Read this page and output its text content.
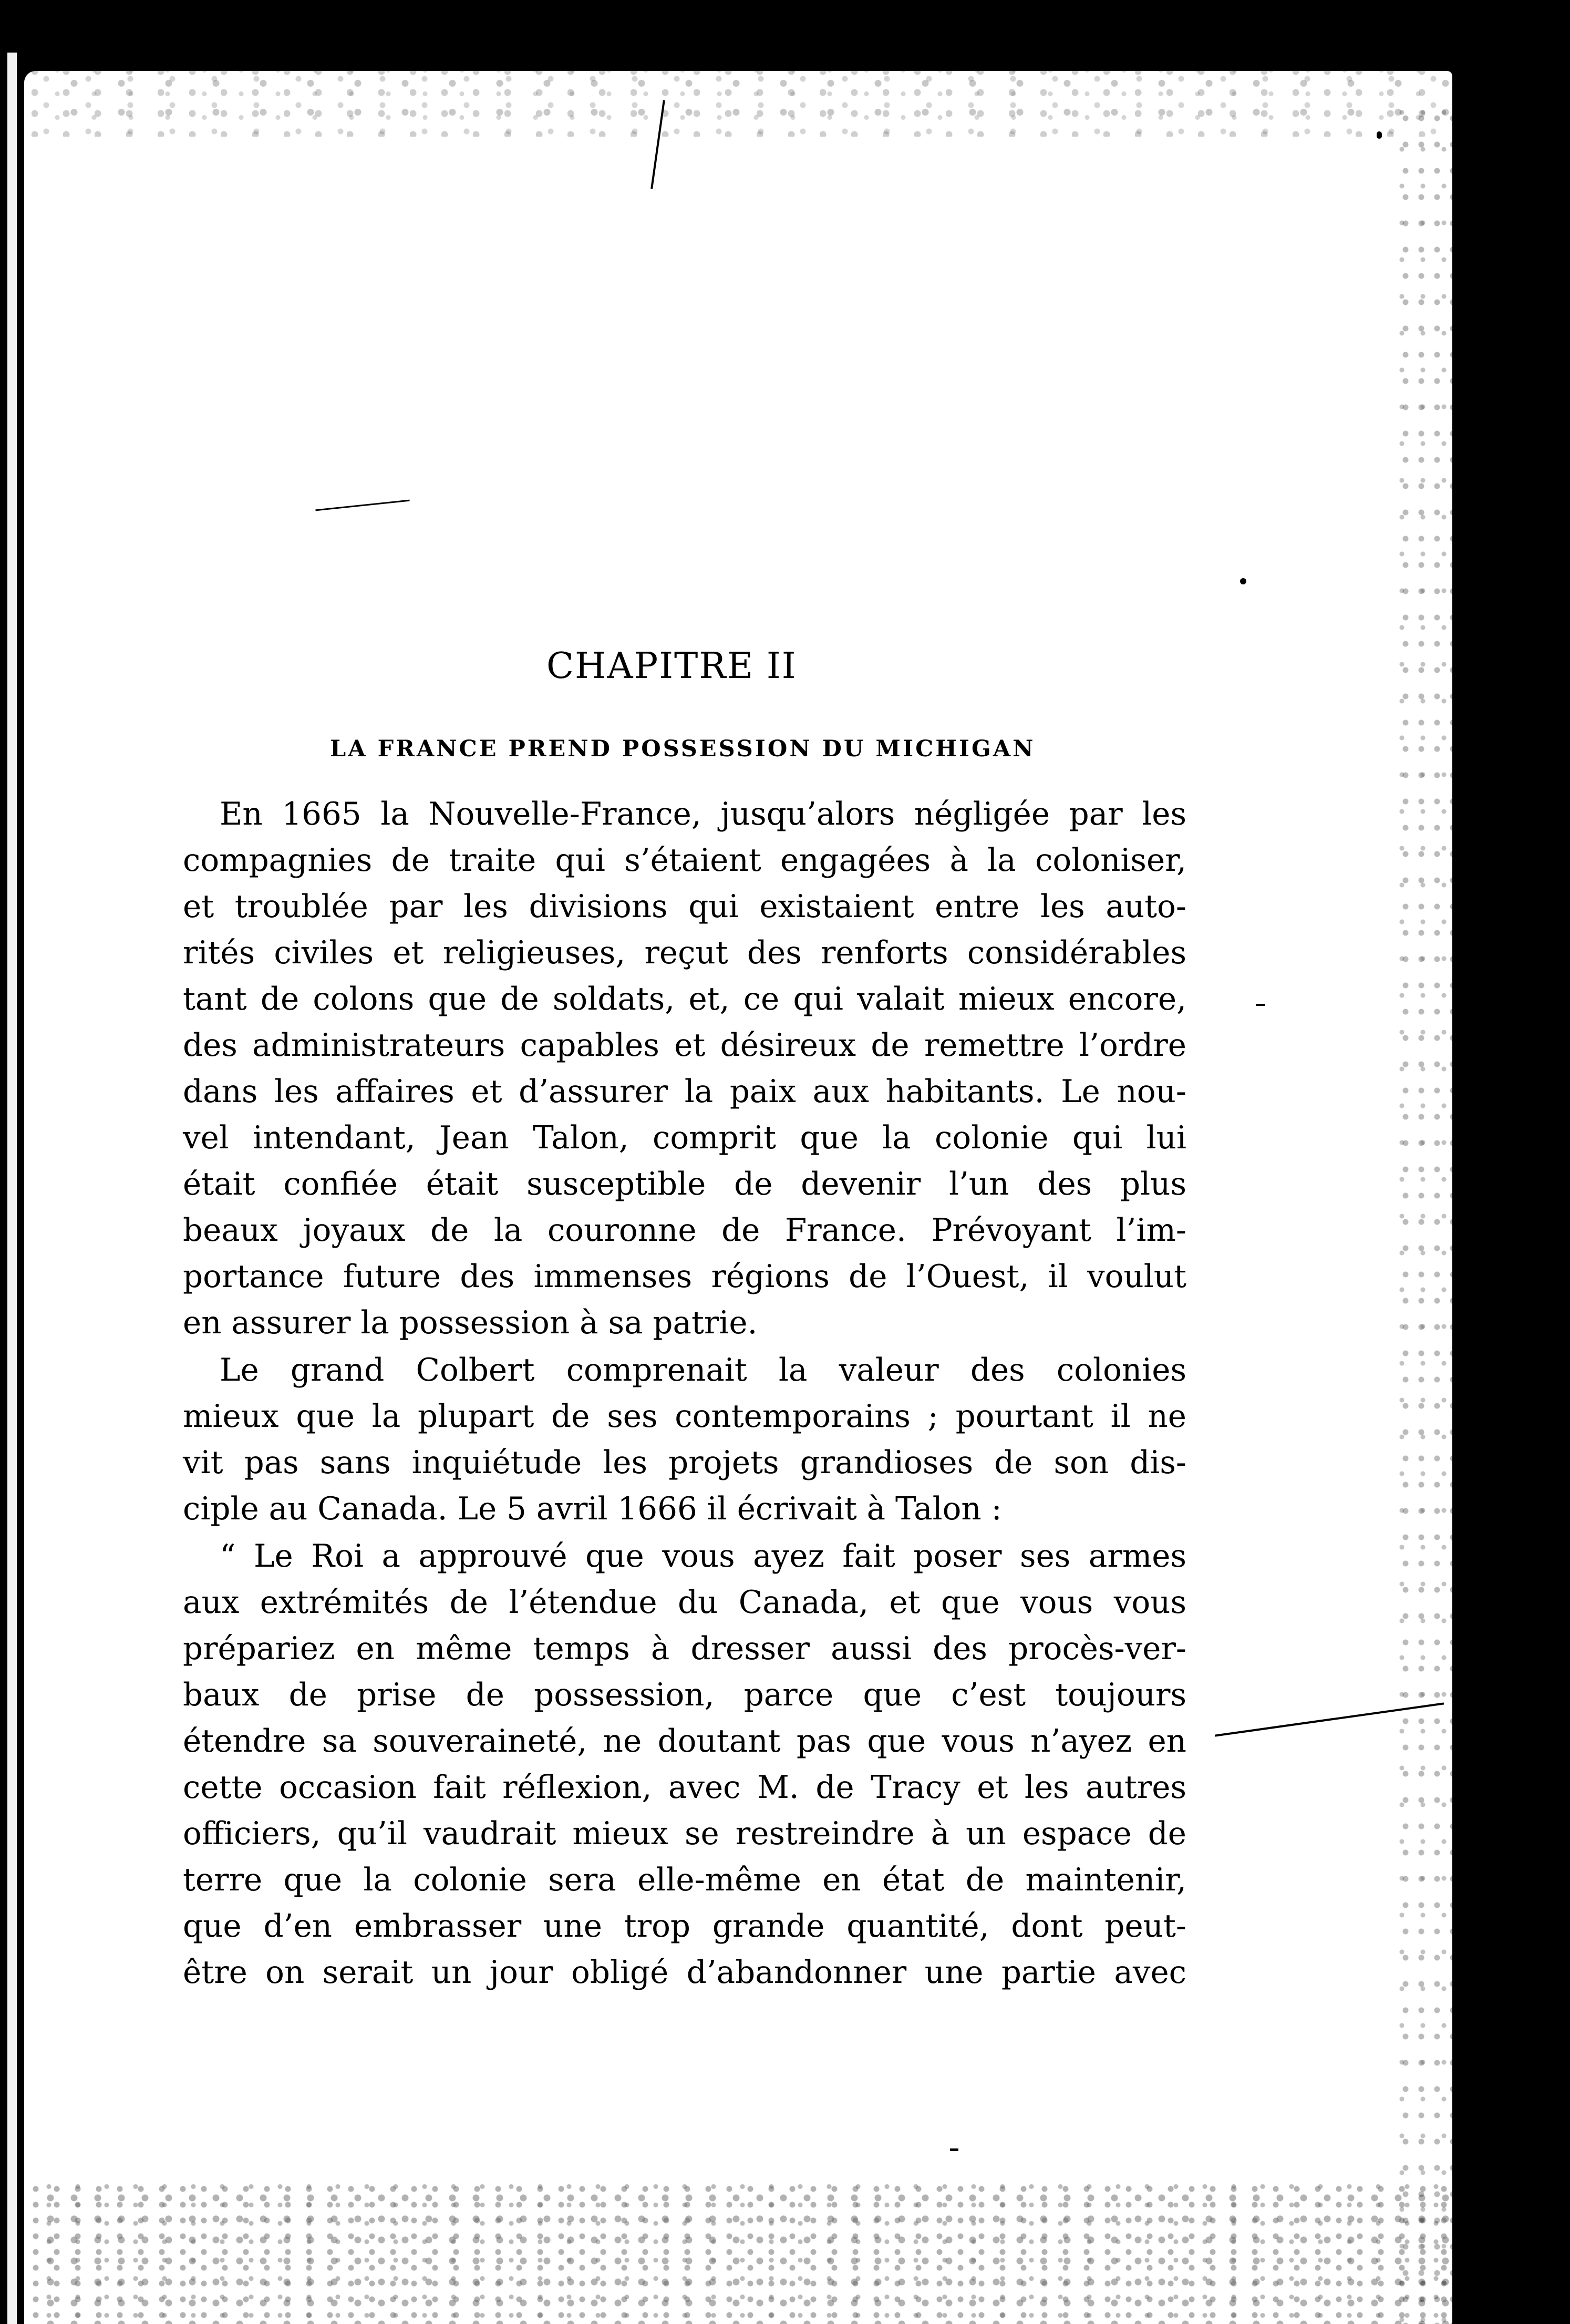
CHAPITRE II
LA FRANCE PREND POSSESSION DU MICHIGAN
En 1665 la Nouvelle-France, jusqu’alors négligée par les
compagnies de traite qui s’étaient engagées à la coloniser,
et troublée par les divisions qui existaient entre les auto-
rités civiles et religieuses, reçut des renforts considérables
tant de colons que de soldats, et, ce qui valait mieux encore,
des administrateurs capables et désireux de remettre l’ordre
dans les affaires et d’assurer la paix aux habitants. Le nou-
vel intendant, Jean Talon, comprit que la colonie qui lui
était confiée était susceptible de devenir l’un des plus
beaux joyaux de la couronne de France. Prévoyant l’im-
portance future des immenses régions de l’Ouest, il voulut
en assurer la possession à sa patrie.
Le grand Colbert comprenait la valeur des colonies
mieux que la plupart de ses contemporains ; pourtant il ne
vit pas sans inquiétude les projets grandioses de son dis-
ciple au Canada. Le 5 avril 1666 il écrivait à Talon :
“ Le Roi a approuvé que vous ayez fait poser ses armes
aux extrémités de l’étendue du Canada, et que vous vous
prépariez en même temps à dresser aussi des procès-ver-
baux de prise de possession, parce que c’est toujours
étendre sa souveraineté, ne doutant pas que vous n’ayez en
cette occasion fait réflexion, avec M. de Tracy et les autres
officiers, qu’il vaudrait mieux se restreindre à un espace de
terre que la colonie sera elle-même en état de maintenir,
que d’en embrasser une trop grande quantité, dont peut-
être on serait un jour obligé d’abandonner une partie avec
